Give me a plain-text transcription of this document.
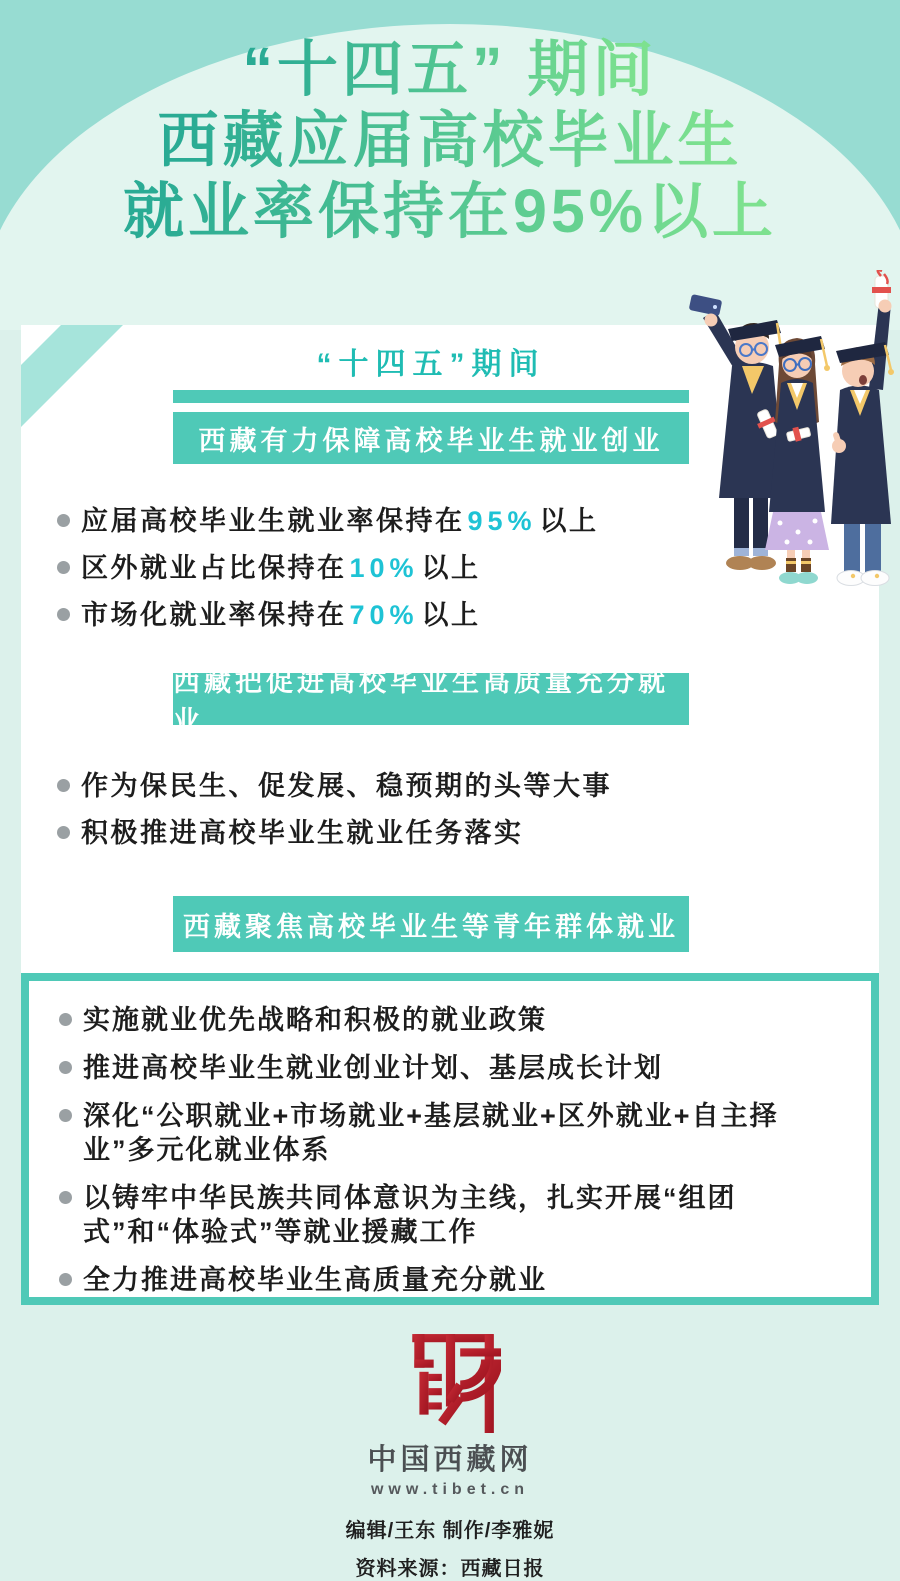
“十四五” 期间
西藏应届高校毕业生
就业率保持在95%以上
“十四五”期间
西藏有力保障高校毕业生就业创业
应届高校毕业生就业率保持在 95% 以上
区外就业占比保持在 10% 以上
市场化就业率保持在 70% 以上
西藏把促进高校毕业生高质量充分就业
作为保民生、促发展、稳预期的头等大事
积极推进高校毕业生就业任务落实
西藏聚焦高校毕业生等青年群体就业
实施就业优先战略和积极的就业政策
推进高校毕业生就业创业计划、基层成长计划
深化“公职就业+市场就业+基层就业+区外就业+自主择业”多元化就业体系
以铸牢中华民族共同体意识为主线，扎实开展“组团式”和“体验式”等就业援藏工作
全力推进高校毕业生高质量充分就业
中国西藏网
www.tibet.cn
编辑/王东 制作/李雅妮
资料来源：西藏日报
